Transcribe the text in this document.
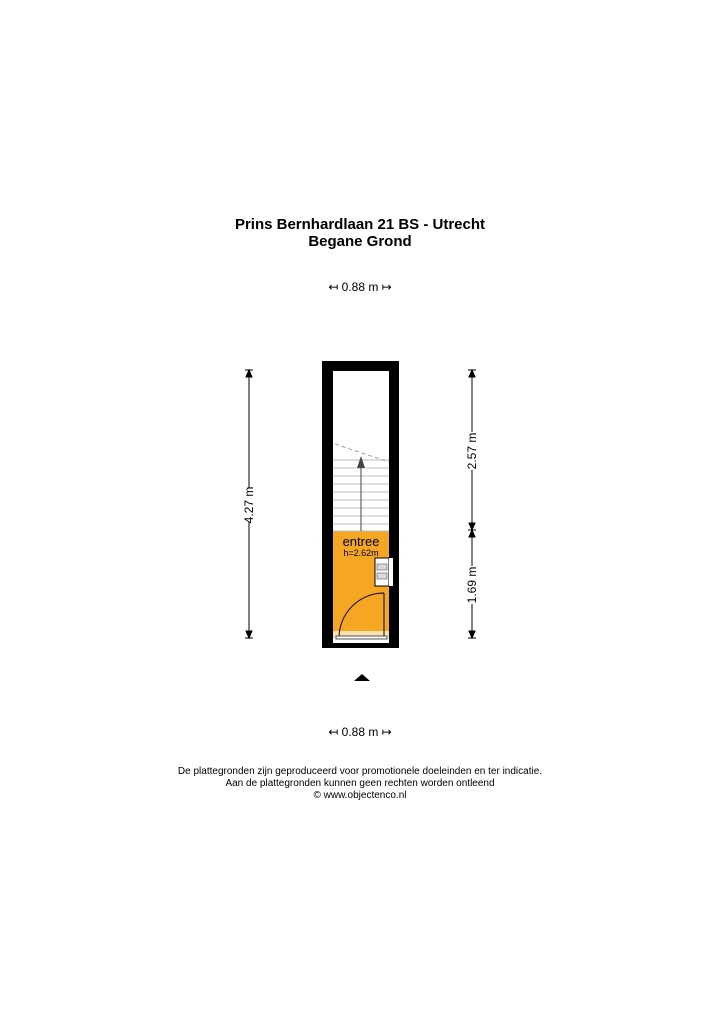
Prins Bernhardlaan 21 BS - Utrecht
Begane Grond
↤ 0.88 m ↦
4.27 m
2.57 m
1.69 m
entree
h=2.62m
↤ 0.88 m ↦
De plattegronden zijn geproduceerd voor promotionele doeleinden en ter indicatie.
Aan de plattegronden kunnen geen rechten worden ontleend
© www.objectenco.nl
